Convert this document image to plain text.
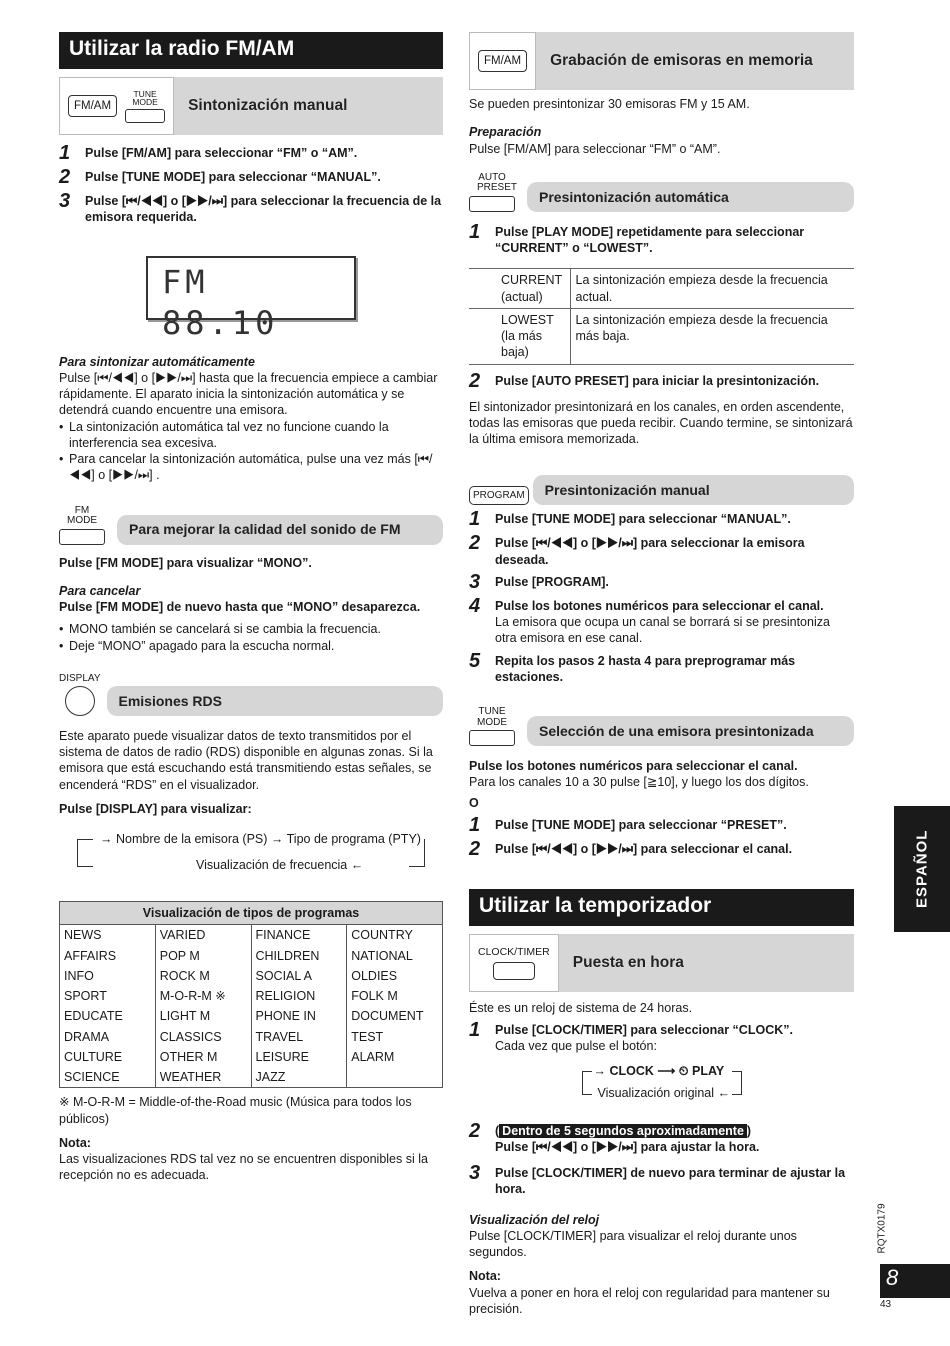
Utilizar la radio FM/AM
FM/AM
TUNE MODE	Sintonización manual
1	Pulse [FM/AM] para seleccionar “FM” o “AM”.
2	Pulse [TUNE MODE] para seleccionar “MANUAL”.
3	Pulse [⏮/◀◀] o [▶▶/⏭] para seleccionar la frecuencia de la emisora requerida.
FM 88.10

Para sintonizar automáticamente

Pulse [⏮/◀◀] o [▶▶/⏭] hasta que la frecuencia empiece a cambiar rápidamente. El aparato inicia la sintonización automática y se detendrá cuando encuentre una emisora.

• La sintonización automática tal vez no funcione cuando la interferencia sea excesiva.
• Para cancelar la sintonización automática, pulse una vez más [⏮/◀◀] o [▶▶/⏭] .
FM MODE
Para mejorar la calidad del sonido de FM

Pulse [FM MODE] para visualizar “MONO”.

Para cancelar

Pulse [FM MODE] de nuevo hasta que “MONO” desaparezca.

• MONO también se cancelará si se cambia la frecuencia.
• Deje “MONO” apagado para la escucha normal.
DISPLAY
Emisiones RDS

Este aparato puede visualizar datos de texto transmitidos por el sistema de datos de radio (RDS) disponible en algunas zonas. Si la emisora que está escuchando está transmitiendo estas señales, se encenderá “RDS” en el visualizador.

Pulse [DISPLAY] para visualizar:

→ Nombre de la emisora (PS) → Tipo de programa (PTY)
Visualización de frecuencia ←
Visualización de tipos de programas			
NEWS	VARIED	FINANCE	COUNTRY
AFFAIRS	POP M	CHILDREN	NATIONAL
INFO	ROCK M	SOCIAL A	OLDIES
SPORT	M-O-R-M ※	RELIGION	FOLK M
EDUCATE	LIGHT M	PHONE IN	DOCUMENT
DRAMA	CLASSICS	TRAVEL	TEST
CULTURE	OTHER M	LEISURE	ALARM
SCIENCE	WEATHER	JAZZ	

※ M-O-R-M = Middle-of-the-Road music (Música para todos los públicos)

Nota:

Las visualizaciones RDS tal vez no se encuentren disponibles si la recepción no es adecuada.

FM/AM	Grabación de emisoras en memoria

Se pueden presintonizar 30 emisoras FM y 15 AM.

Preparación

Pulse [FM/AM] para seleccionar “FM” o “AM”.

AUTO PRESET
Presintonización automática
1	Pulse [PLAY MODE] repetidamente para seleccionar “CURRENT” o “LOWEST”.
CURRENT (actual)	La sintonización empieza desde la frecuencia actual.
LOWEST (la más baja)	La sintonización empieza desde la frecuencia más baja.
2	Pulse [AUTO PRESET] para iniciar la presintonización.

El sintonizador presintonizará en los canales, en orden ascendente, todas las emisoras que pueda recibir. Cuando termine, se sintonizará la última emisora memorizada.

PROGRAM	Presintonización manual
1	Pulse [TUNE MODE] para seleccionar “MANUAL”.
2	Pulse [⏮/◀◀] o [▶▶/⏭] para seleccionar la emisora deseada.
3	Pulse [PROGRAM].
4	Pulse los botones numéricos para seleccionar el canal.
La emisora que ocupa un canal se borrará si se presintoniza otra emisora en ese canal.
5	Repita los pasos 2 hasta 4 para preprogramar más estaciones.
TUNE MODE
Selección de una emisora presintonizada

Pulse los botones numéricos para seleccionar el canal.

Para los canales 10 a 30 pulse [≧10], y luego los dos dígitos.

O

1	Pulse [TUNE MODE] para seleccionar “PRESET”.
2	Pulse [⏮/◀◀] o [▶▶/⏭] para seleccionar el canal.
Utilizar la temporizador
CLOCK/TIMER
Puesta en hora

Éste es un reloj de sistema de 24 horas.

1	Pulse [CLOCK/TIMER] para seleccionar “CLOCK”.
Cada vez que pulse el botón:
→ CLOCK ⟶ ⏲ PLAY
Visualización original ←
2	( Dentro de 5 segundos aproximadamente )
Pulse [⏮/◀◀] o [▶▶/⏭] para ajustar la hora.
3	Pulse [CLOCK/TIMER] de nuevo para terminar de ajustar la hora.

Visualización del reloj

Pulse [CLOCK/TIMER] para visualizar el reloj durante unos segundos.

Nota:

Vuelva a poner en hora el reloj con regularidad para mantener su precisión.

ESPAÑOL
RQTX0179
8
43
